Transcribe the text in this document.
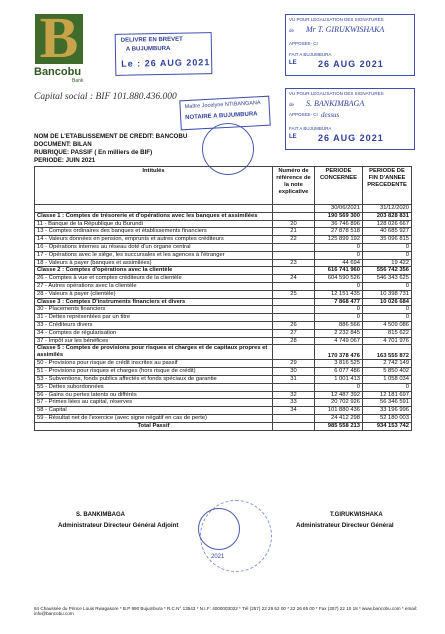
B
Bancobu
Bank
Capital social : BIF 101.880.436.000
DELIVRE EN BREVET
A BUJUMBURA
Le : 26 AUG 2021
VU POUR LEGALISATION DES SIGNATURES
de Mr T. GIRUKWISHAKA
APPOSEE- CI
FAIT A BUJUMBURA
LE 26 AUG 2021
VU POUR LEGALISATION DES SIGNATURES
de S. BANKIMBAGA
APPOSEE- CI dessus
FAIT A BUJUMBURA
LE 26 AUG 2021
Maître Jocelyne NTIBANGANA
NOTAIRE A BUJUMBURA
NOM DE L'ETABLISSEMENT DE CREDIT: BANCOBU
DOCUMENT: BILAN
RUBRIQUE: PASSIF ( En milliers de BIF)
Intitulés	Numéro de référence de la note explicative	PERIODE CONCERNEE	PERIODE DE FIN D'ANNEE PRECEDENTE
		30/06/2021	31/12/2020
Classe 1 : Comptes de trésorerie et d'opérations avec les banques et assimilées		190 569 300	203 828 831
11 - Banque de la République du Burundi	20	36 746 896	128 026 667
13 - Comptes ordinaires des banques et établissements financiers	21	27 878 518	40 685 927
14 - Valeurs données en pension, emprunts et autres comptes créditeurs	22	125 899 192	35 096 815
16 - Opérations internes au réseau doté d'un organe central		0	0
17 - Opérations avec le siège, les succursales et les agences à l'étranger		0	0
18 - Valeurs à payer (banques et assimilées)	23	44 694	19 422
Classe 2 : Comptes d'opérations avec la clientèle		616 741 960	556 742 356
26 - Comptes à vue et comptes créditeurs de la clientèle	24	604 590 526	546 343 625
27 - Autres opérations avec la clientèle		0	0
28 - Valeurs à payer (clientèle)	25	12 151 435	10 398 731
Classe 3 : Comptes D'instruments financiers et divers		7 868 477	10 026 684
30 - Placements financiers		0	0
31 - Dettes représentées par un titre		0	0
33 - Créditeurs divers	26	886 566	4 509 086
34 - Comptes de régularisation	27	2 232 845	815 622
37 - Impôt sur les bénéfices	28	4 749 067	4 701 976
Classe 5 : Comptes de provisions pour risques et charges et de capitaux propres et assimilés		170 378 476	163 555 872
50 - Provisions pour risque de crédit inscrites au passif	29	3 816 525	2 742 149
51 - Provisions pour risques et charges (hors risque de crédit)	30	6 077 486	5 850 402
53 - Subventions, fonds publics affectés et fonds spéciaux de garantie	31	1 001 413	1 058 034
55 - Dettes subordonnées		0	0
56 - Gains ou pertes latents ou différés	32	12 487 392	12 181 697
57 - Primes liées au capital, réserves	33	20 702 926	56 346 591
58 - Capital	34	101 880 436	33 196 996
59 - Résultat net de l'exercice (avec signe négatif en cas de perte)		24 412 298	52 180 003
Total Passif		985 558 213	934 153 742
PERIODE: JUIN 2021
2021
S. BANKIMBAGA
Administrateur Directeur Général Adjoint
T.GIRUKWISHAKA
Administrateur Directeur Général
84 Chaussée du Prince Louis Rwagasore * B.P 990 Bujumbura * R.C.N° 13543 * N.I.F: 4000003022 * Tél (257) 22 26 52 00 * 22 26 65 00 * Fax (257) 22 10 18 * www.bancobu.com * email: info@bancobu.com
